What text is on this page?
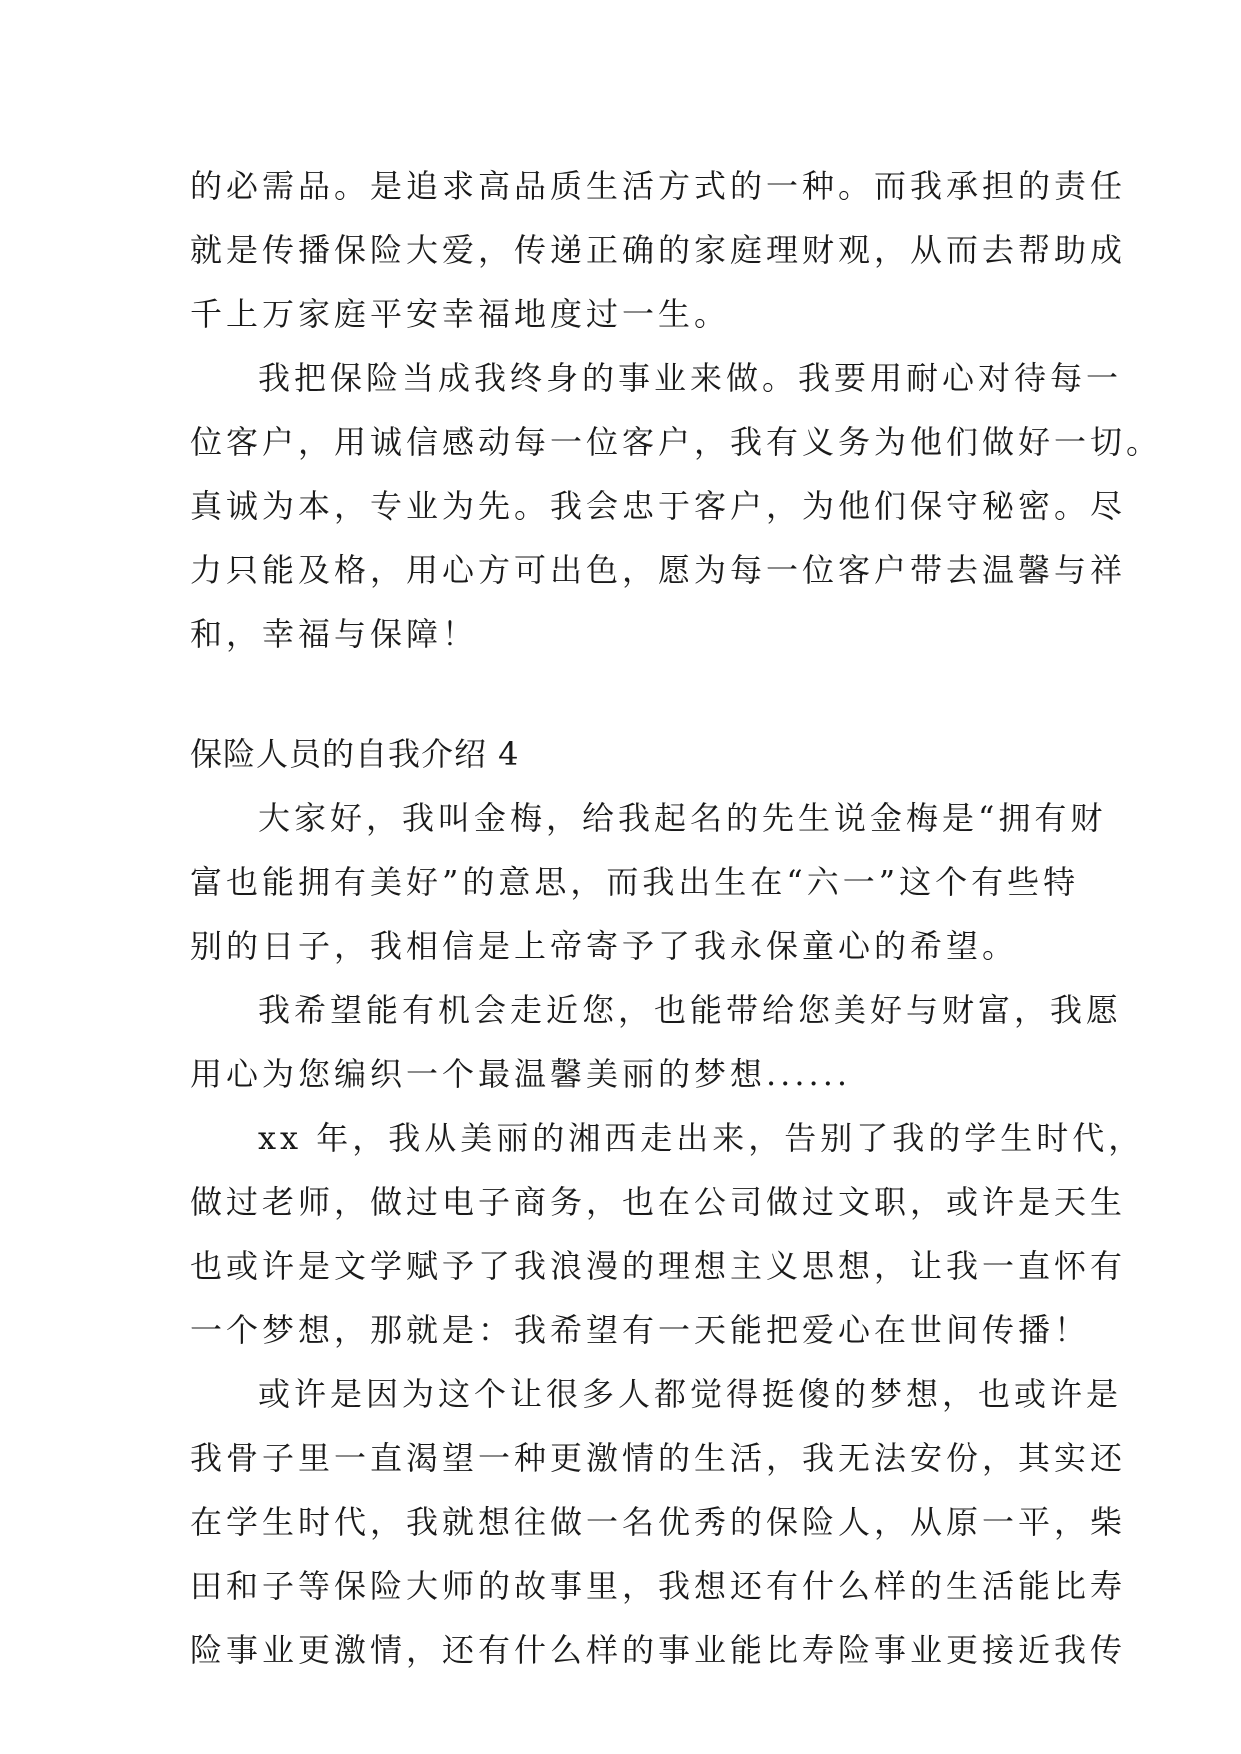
的必需品。是追求高品质生活方式的一种。而我承担的责任
就是传播保险大爱，传递正确的家庭理财观，从而去帮助成
千上万家庭平安幸福地度过一生。
我把保险当成我终身的事业来做。我要用耐心对待每一
位客户，用诚信感动每一位客户，我有义务为他们做好一切。
真诚为本，专业为先。我会忠于客户，为他们保守秘密。尽
力只能及格，用心方可出色，愿为每一位客户带去温馨与祥
和，幸福与保障！
保险人员的自我介绍 4
大家好，我叫金梅，给我起名的先生说金梅是“拥有财
富也能拥有美好”的意思，而我出生在“六一”这个有些特
别的日子，我相信是上帝寄予了我永保童心的希望。
我希望能有机会走近您，也能带给您美好与财富，我愿
用心为您编织一个最温馨美丽的梦想......
xx 年，我从美丽的湘西走出来，告别了我的学生时代，
做过老师，做过电子商务，也在公司做过文职，或许是天生
也或许是文学赋予了我浪漫的理想主义思想，让我一直怀有
一个梦想，那就是：我希望有一天能把爱心在世间传播！
或许是因为这个让很多人都觉得挺傻的梦想，也或许是
我骨子里一直渴望一种更激情的生活，我无法安份，其实还
在学生时代，我就想往做一名优秀的保险人，从原一平，柴
田和子等保险大师的故事里，我想还有什么样的生活能比寿
险事业更激情，还有什么样的事业能比寿险事业更接近我传
